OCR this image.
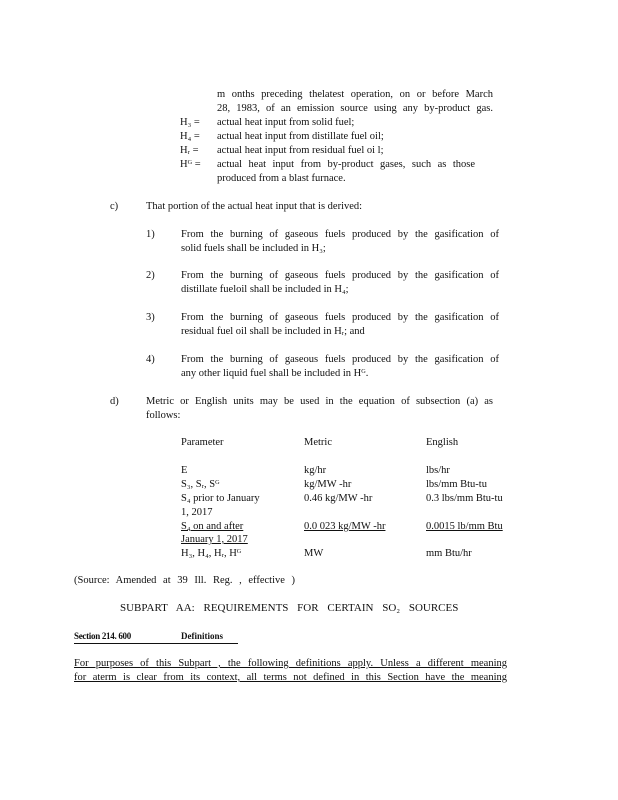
m onths preceding thelatest operation, on or before March
28, 1983, of an emission source using any by-product gas.
H₃ = actual heat input from solid fuel;
H₄ = actual heat input from distillate fuel oil;
Hᵣ = actual heat input from residual fuel oi l;
Hᴳ = actual heat input from by-product gases, such as those
produced from a blast furnace.
c)	That portion of the actual heat input that is derived:
1)	From the burning of gaseous fuels produced by the gasification of
solid fuels shall be included in H₃;
2)	From the burning of gaseous fuels produced by the gasification of
distillate fueloil shall be included in H₄;
3)	From the burning of gaseous fuels produced by the gasification of
residual fuel oil shall be included in Hᵣ; and
4)	From the burning of gaseous fuels produced by the gasification of
any other liquid fuel shall be included in Hᴳ.
d)	Metric or English units may be used in the equation of subsection (a) as
follows:
Parameter	Metric	English
E	kg/hr	lbs/hr
S₃, Sᵣ, Sᴳ	kg/MW -hr	lbs/mm Btu-tu
S₄ prior to January	0.46 kg/MW -hr	0.3 lbs/mm Btu-tu
1, 2017
S₄ on and after	0.0 023 kg/MW -hr	0.0015 lb/mm Btu
January 1, 2017
H₃, H₄, Hᵣ, Hᴳ	MW	mm Btu/hr
(Source: Amended at 39 Ill. Reg. , effective )
SUBPART AA: REQUIREMENTS FOR CERTAIN SO₂ SOURCES
Section 214. 600	Definitions
For purposes of this Subpart , the following definitions apply. Unless a different meaning
for aterm is clear from its context, all terms not defined in this Section have the meaning
